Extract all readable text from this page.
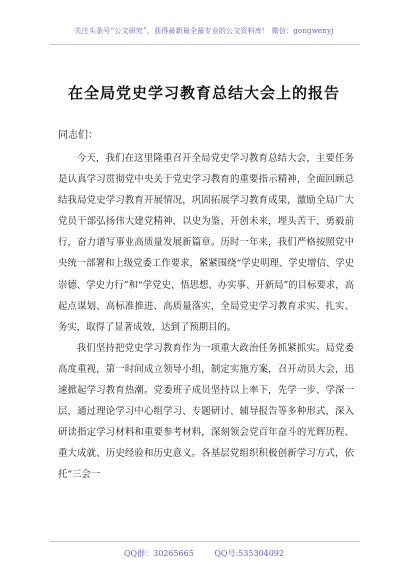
关注头条号“公文研究”，获得最新最全最专业的公文资料库！ 微信：gongwenyj
在全局党史学习教育总结大会上的报告

同志们：

今天，我们在这里隆重召开全局党史学习教育总结大会，主要任务是认真学习贯彻党中央关于党史学习教育的重要指示精神，全面回顾总结我局党史学习教育开展情况，巩固拓展学习教育成果，激励全局广大党员干部弘扬伟大建党精神，以史为鉴、开创未来，埋头苦干、勇毅前行，奋力谱写事业高质量发展新篇章。历时一年来，我们严格按照党中央统一部署和上级党委工作要求，紧紧围绕“学史明理、学史增信、学史崇德、学史力行”和“学党史、悟思想、办实事、开新局”的目标要求，高起点谋划、高标准推进、高质量落实，全局党史学习教育求实、扎实、务实，取得了显著成效，达到了预期目的。

我们坚持把党史学习教育作为一项重大政治任务抓紧抓实。局党委高度重视，第一时间成立领导小组，制定实施方案，召开动员大会，迅速掀起学习教育热潮。党委班子成员坚持以上率下，先学一步、学深一层，通过理论学习中心组学习、专题研讨、辅导报告等多种形式，深入研读指定学习材料和重要参考材料，深刻领会党百年奋斗的光辉历程、重大成就、历史经验和历史意义。各基层党组织积极创新学习方式，依托“三会一

QQ群：30265665	QQ号:535304092
